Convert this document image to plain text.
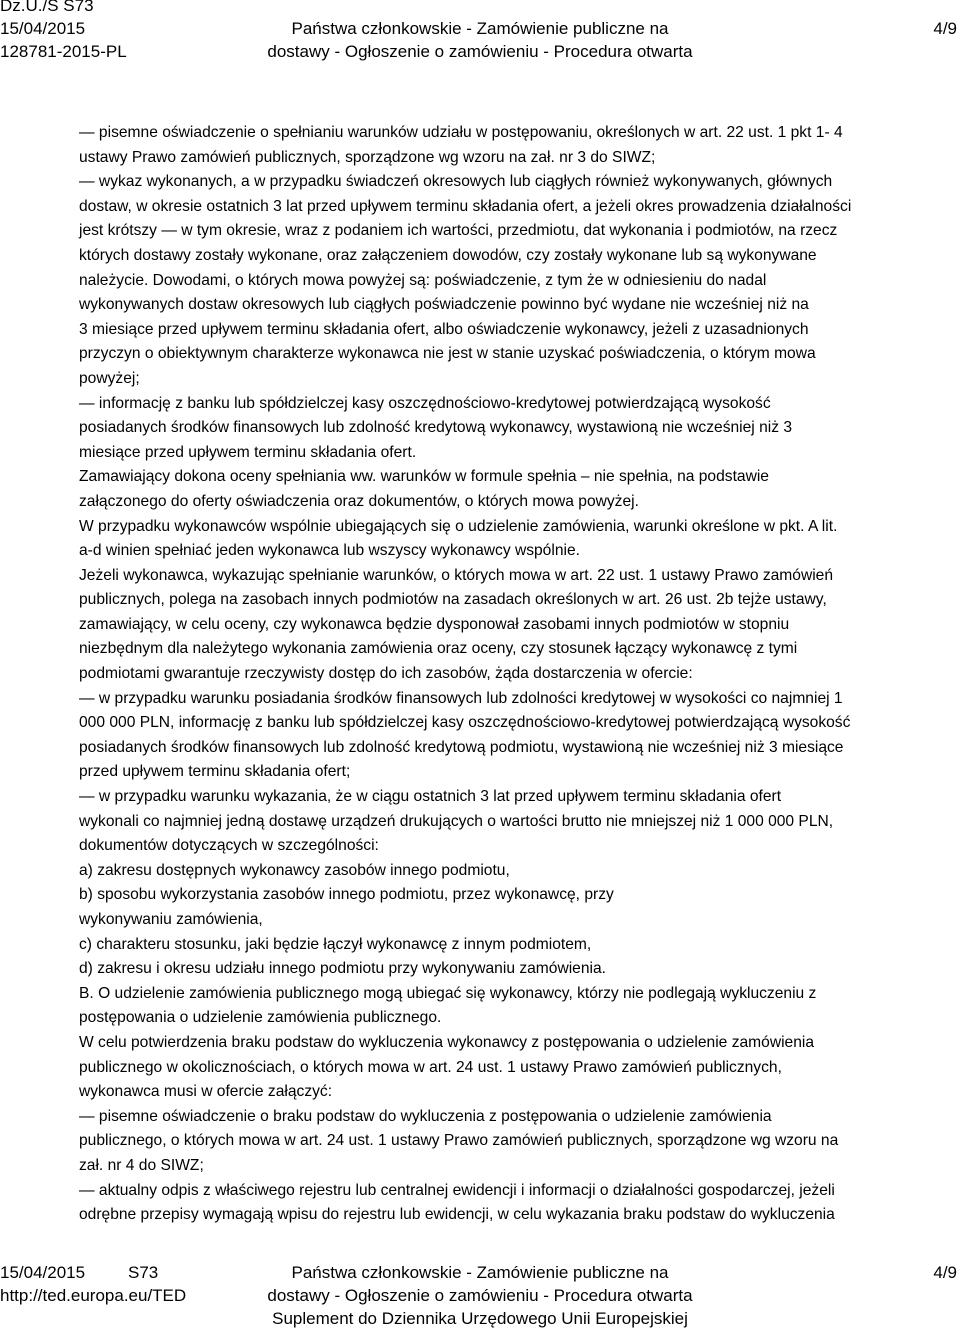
Dz.U./S S73
15/04/2015	Państwa członkowskie - Zamówienie publiczne na	4/9
128781-2015-PL	dostawy - Ogłoszenie o zamówieniu - Procedura otwarta
— pisemne oświadczenie o spełnianiu warunków udziału w postępowaniu, określonych w art. 22 ust. 1 pkt 1- 4
ustawy Prawo zamówień publicznych, sporządzone wg wzoru na zał. nr 3 do SIWZ;
— wykaz wykonanych, a w przypadku świadczeń okresowych lub ciągłych również wykonywanych, głównych
dostaw, w okresie ostatnich 3 lat przed upływem terminu składania ofert, a jeżeli okres prowadzenia działalności
jest krótszy — w tym okresie, wraz z podaniem ich wartości, przedmiotu, dat wykonania i podmiotów, na rzecz
których dostawy zostały wykonane, oraz załączeniem dowodów, czy zostały wykonane lub są wykonywane
należycie. Dowodami, o których mowa powyżej są: poświadczenie, z tym że w odniesieniu do nadal
wykonywanych dostaw okresowych lub ciągłych poświadczenie powinno być wydane nie wcześniej niż na
3 miesiące przed upływem terminu składania ofert, albo oświadczenie wykonawcy, jeżeli z uzasadnionych
przyczyn o obiektywnym charakterze wykonawca nie jest w stanie uzyskać poświadczenia, o którym mowa
powyżej;
— informację z banku lub spółdzielczej kasy oszczędnościowo-kredytowej potwierdzającą wysokość
posiadanych środków finansowych lub zdolność kredytową wykonawcy, wystawioną nie wcześniej niż 3
miesiące przed upływem terminu składania ofert.
Zamawiający dokona oceny spełniania ww. warunków w formule spełnia – nie spełnia, na podstawie
załączonego do oferty oświadczenia oraz dokumentów, o których mowa powyżej.
W przypadku wykonawców wspólnie ubiegających się o udzielenie zamówienia, warunki określone w pkt. A lit.
a-d winien spełniać jeden wykonawca lub wszyscy wykonawcy wspólnie.
Jeżeli wykonawca, wykazując spełnianie warunków, o których mowa w art. 22 ust. 1 ustawy Prawo zamówień
publicznych, polega na zasobach innych podmiotów na zasadach określonych w art. 26 ust. 2b tejże ustawy,
zamawiający, w celu oceny, czy wykonawca będzie dysponował zasobami innych podmiotów w stopniu
niezbędnym dla należytego wykonania zamówienia oraz oceny, czy stosunek łączący wykonawcę z tymi
podmiotami gwarantuje rzeczywisty dostęp do ich zasobów, żąda dostarczenia w ofercie:
— w przypadku warunku posiadania środków finansowych lub zdolności kredytowej w wysokości co najmniej 1
000 000 PLN, informację z banku lub spółdzielczej kasy oszczędnościowo-kredytowej potwierdzającą wysokość
posiadanych środków finansowych lub zdolność kredytową podmiotu, wystawioną nie wcześniej niż 3 miesiące
przed upływem terminu składania ofert;
— w przypadku warunku wykazania, że w ciągu ostatnich 3 lat przed upływem terminu składania ofert
wykonali co najmniej jedną dostawę urządzeń drukujących o wartości brutto nie mniejszej niż 1 000 000 PLN,
dokumentów dotyczących w szczególności:
a) zakresu dostępnych wykonawcy zasobów innego podmiotu,
b) sposobu wykorzystania zasobów innego podmiotu, przez wykonawcę, przy
wykonywaniu zamówienia,
c) charakteru stosunku, jaki będzie łączył wykonawcę z innym podmiotem,
d) zakresu i okresu udziału innego podmiotu przy wykonywaniu zamówienia.
B. O udzielenie zamówienia publicznego mogą ubiegać się wykonawcy, którzy nie podlegają wykluczeniu z
postępowania o udzielenie zamówienia publicznego.
W celu potwierdzenia braku podstaw do wykluczenia wykonawcy z postępowania o udzielenie zamówienia
publicznego w okolicznościach, o których mowa w art. 24 ust. 1 ustawy Prawo zamówień publicznych,
wykonawca musi w ofercie załączyć:
— pisemne oświadczenie o braku podstaw do wykluczenia z postępowania o udzielenie zamówienia
publicznego, o których mowa w art. 24 ust. 1 ustawy Prawo zamówień publicznych, sporządzone wg wzoru na
zał. nr 4 do SIWZ;
— aktualny odpis z właściwego rejestru lub centralnej ewidencji i informacji o działalności gospodarczej, jeżeli
odrębne przepisy wymagają wpisu do rejestru lub ewidencji, w celu wykazania braku podstaw do wykluczenia
15/04/2015	S73	Państwa członkowskie - Zamówienie publiczne na	4/9
http://ted.europa.eu/TED	dostawy - Ogłoszenie o zamówieniu - Procedura otwarta
Suplement do Dziennika Urzędowego Unii Europejskiej
